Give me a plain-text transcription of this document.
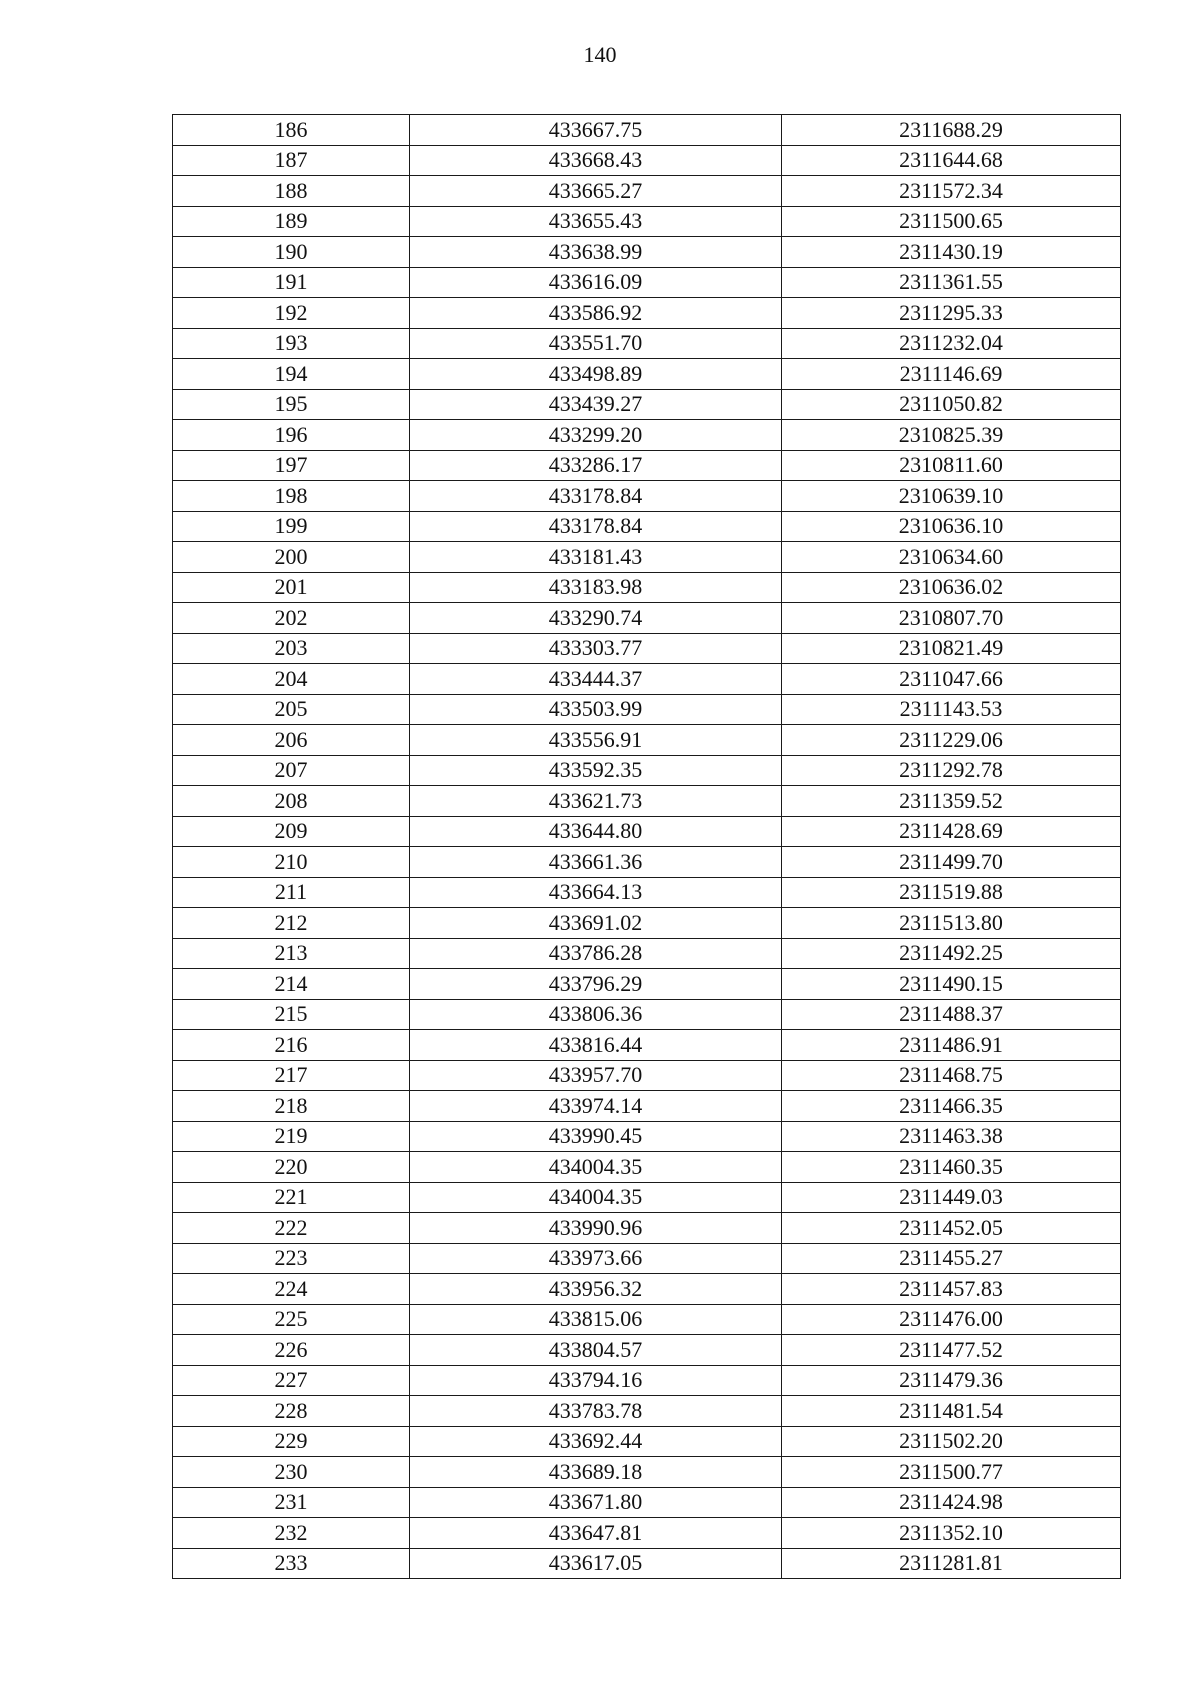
140
186	433667.75	2311688.29
187	433668.43	2311644.68
188	433665.27	2311572.34
189	433655.43	2311500.65
190	433638.99	2311430.19
191	433616.09	2311361.55
192	433586.92	2311295.33
193	433551.70	2311232.04
194	433498.89	2311146.69
195	433439.27	2311050.82
196	433299.20	2310825.39
197	433286.17	2310811.60
198	433178.84	2310639.10
199	433178.84	2310636.10
200	433181.43	2310634.60
201	433183.98	2310636.02
202	433290.74	2310807.70
203	433303.77	2310821.49
204	433444.37	2311047.66
205	433503.99	2311143.53
206	433556.91	2311229.06
207	433592.35	2311292.78
208	433621.73	2311359.52
209	433644.80	2311428.69
210	433661.36	2311499.70
211	433664.13	2311519.88
212	433691.02	2311513.80
213	433786.28	2311492.25
214	433796.29	2311490.15
215	433806.36	2311488.37
216	433816.44	2311486.91
217	433957.70	2311468.75
218	433974.14	2311466.35
219	433990.45	2311463.38
220	434004.35	2311460.35
221	434004.35	2311449.03
222	433990.96	2311452.05
223	433973.66	2311455.27
224	433956.32	2311457.83
225	433815.06	2311476.00
226	433804.57	2311477.52
227	433794.16	2311479.36
228	433783.78	2311481.54
229	433692.44	2311502.20
230	433689.18	2311500.77
231	433671.80	2311424.98
232	433647.81	2311352.10
233	433617.05	2311281.81
